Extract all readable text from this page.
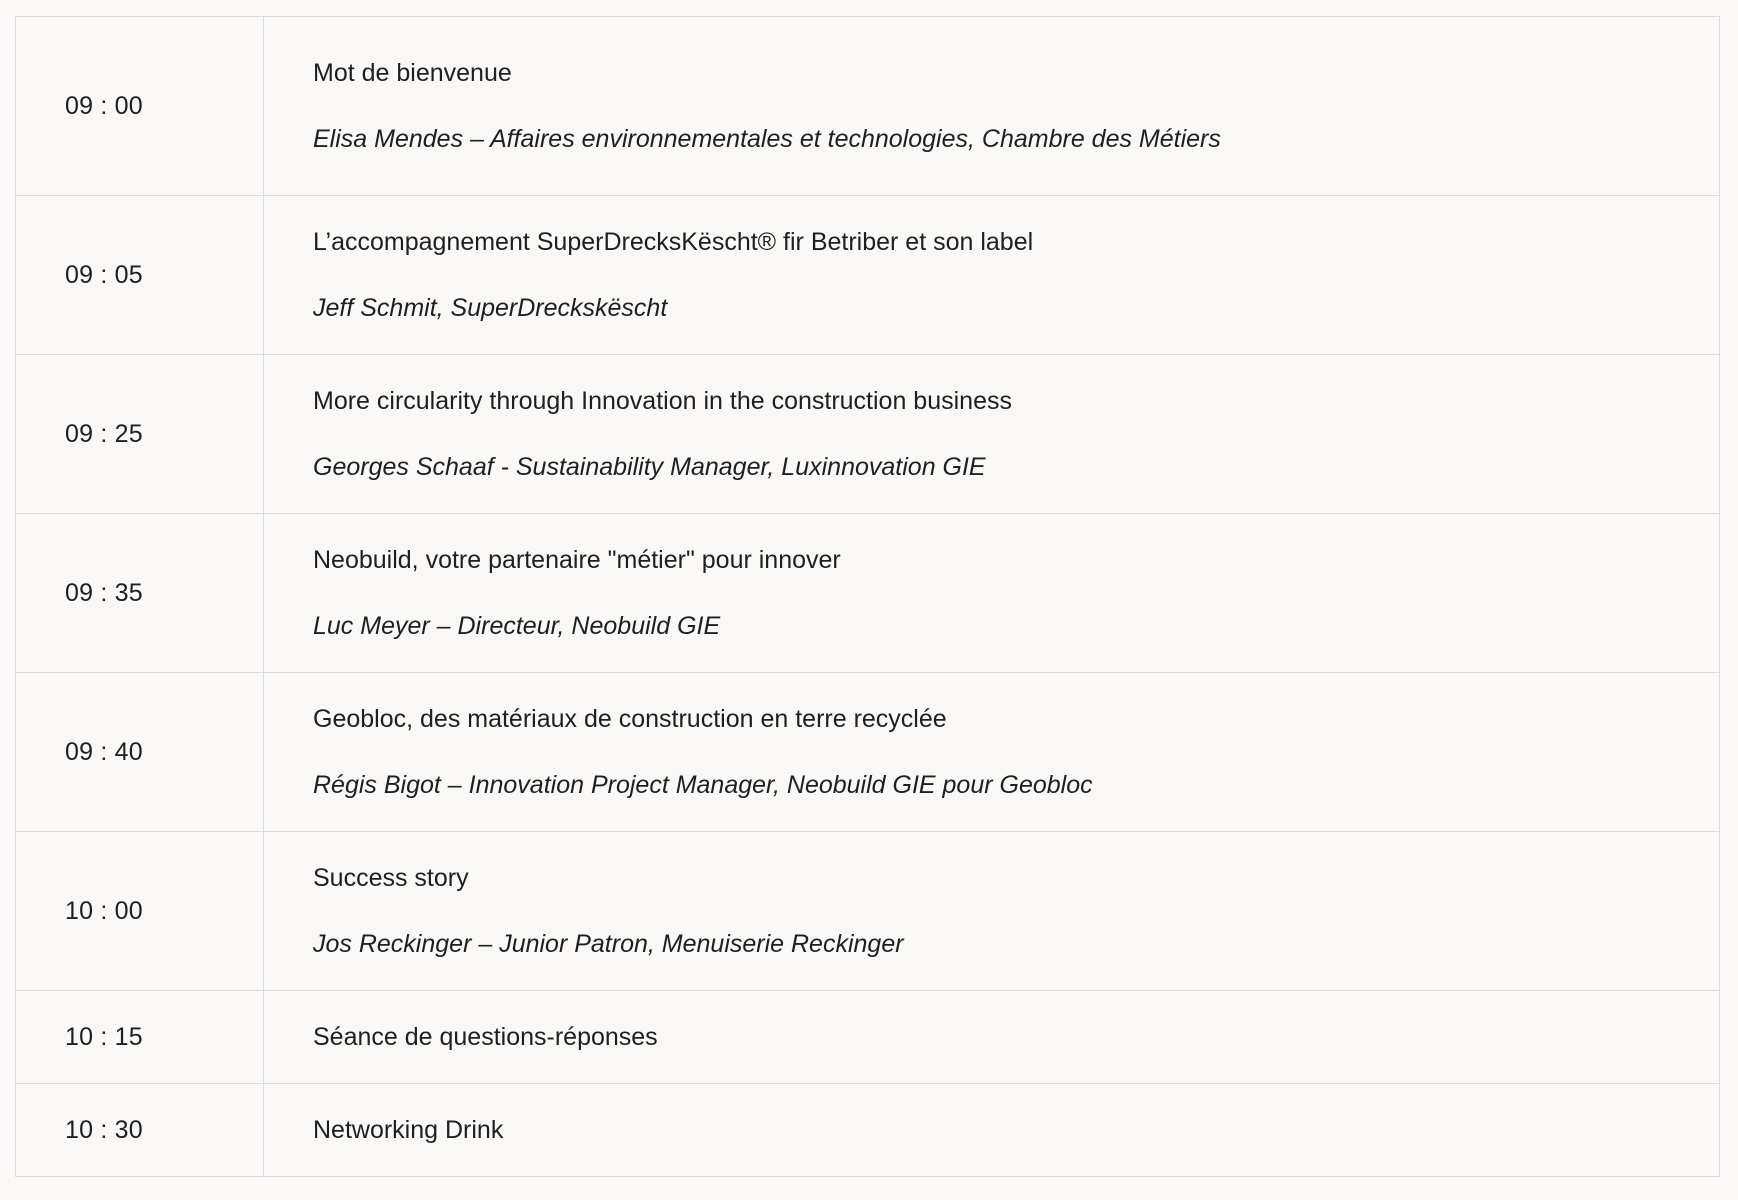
09 : 00	Mot de bienvenue

Elisa Mendes – Affaires environnementales et technologies, Chambre des Métiers

09 : 05	L’accompagnement SuperDrecksKëscht® fir Betriber et son label

Jeff Schmit, SuperDreckskëscht

09 : 25	More circularity through Innovation in the construction business

Georges Schaaf - Sustainability Manager, Luxinnovation GIE

09 : 35	Neobuild, votre partenaire "métier" pour innover

Luc Meyer – Directeur, Neobuild GIE

09 : 40	Geobloc, des matériaux de construction en terre recyclée

Régis Bigot – Innovation Project Manager, Neobuild GIE pour Geobloc

10 : 00	Success story

Jos Reckinger – Junior Patron, Menuiserie Reckinger

10 : 15	Séance de questions-réponses

10 : 30	Networking Drink
